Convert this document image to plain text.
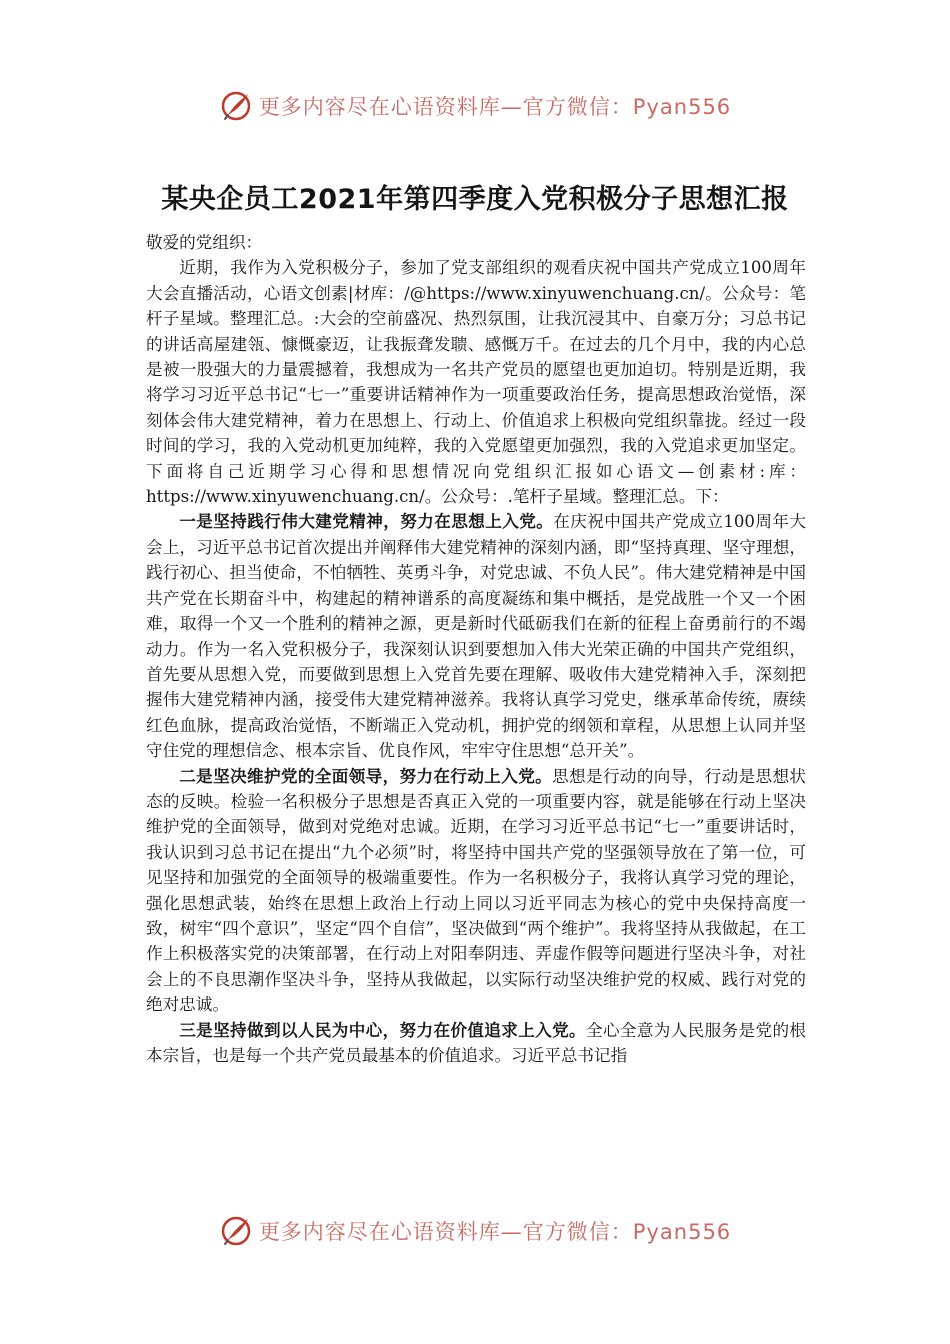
更多内容尽在心语资料库—官方微信：Pyan556
某央企员工2021年第四季度入党积极分子思想汇报

敬爱的党组织：

近期，我作为入党积极分子，参加了党支部组织的观看庆祝中国共产党成立100周年大会直播活动，心语文创素|材库：/@https://www.xinyuwenchuang.cn/。公众号：笔杆子星域。整理汇总。:大会的空前盛况、热烈氛围，让我沉浸其中、自豪万分；习总书记的讲话高屋建瓴、慷慨豪迈，让我振聋发聩、感慨万千。在过去的几个月中，我的内心总是被一股强大的力量震撼着，我想成为一名共产党员的愿望也更加迫切。特别是近期，我将学习习近平总书记“七一”重要讲话精神作为一项重要政治任务，提高思想政治觉悟，深刻体会伟大建党精神，着力在思想上、行动上、价值追求上积极向党组织靠拢。经过一段时间的学习，我的入党动机更加纯粹，我的入党愿望更加强烈，我的入党追求更加坚定。下面将自己近期学习心得和思想情况向党组织汇报如心语文—创素材:库：https://www.xinyuwenchuang.cn/。公众号：.笔杆子星域。整理汇总。下：

一是坚持践行伟大建党精神，努力在思想上入党。在庆祝中国共产党成立100周年大会上，习近平总书记首次提出并阐释伟大建党精神的深刻内涵，即“坚持真理、坚守理想，践行初心、担当使命，不怕牺牲、英勇斗争，对党忠诚、不负人民”。伟大建党精神是中国共产党在长期奋斗中，构建起的精神谱系的高度凝练和集中概括，是党战胜一个又一个困难，取得一个又一个胜利的精神之源，更是新时代砥砺我们在新的征程上奋勇前行的不竭动力。作为一名入党积极分子，我深刻认识到要想加入伟大光荣正确的中国共产党组织，首先要从思想入党，而要做到思想上入党首先要在理解、吸收伟大建党精神入手，深刻把握伟大建党精神内涵，接受伟大建党精神滋养。我将认真学习党史，继承革命传统，赓续红色血脉，提高政治觉悟，不断端正入党动机，拥护党的纲领和章程，从思想上认同并坚守住党的理想信念、根本宗旨、优良作风，牢牢守住思想“总开关”。

二是坚决维护党的全面领导，努力在行动上入党。思想是行动的向导，行动是思想状态的反映。检验一名积极分子思想是否真正入党的一项重要内容，就是能够在行动上坚决维护党的全面领导，做到对党绝对忠诚。近期，在学习习近平总书记“七一”重要讲话时，我认识到习总书记在提出“九个必须”时，将坚持中国共产党的坚强领导放在了第一位，可见坚持和加强党的全面领导的极端重要性。作为一名积极分子，我将认真学习党的理论，强化思想武装，始终在思想上政治上行动上同以习近平同志为核心的党中央保持高度一致，树牢“四个意识”，坚定“四个自信”，坚决做到“两个维护”。我将坚持从我做起，在工作上积极落实党的决策部署，在行动上对阳奉阴违、弄虚作假等问题进行坚决斗争，对社会上的不良思潮作坚决斗争，坚持从我做起，以实际行动坚决维护党的权威、践行对党的绝对忠诚。

三是坚持做到以人民为中心，努力在价值追求上入党。全心全意为人民服务是党的根本宗旨，也是每一个共产党员最基本的价值追求。习近平总书记指

更多内容尽在心语资料库—官方微信：Pyan556
